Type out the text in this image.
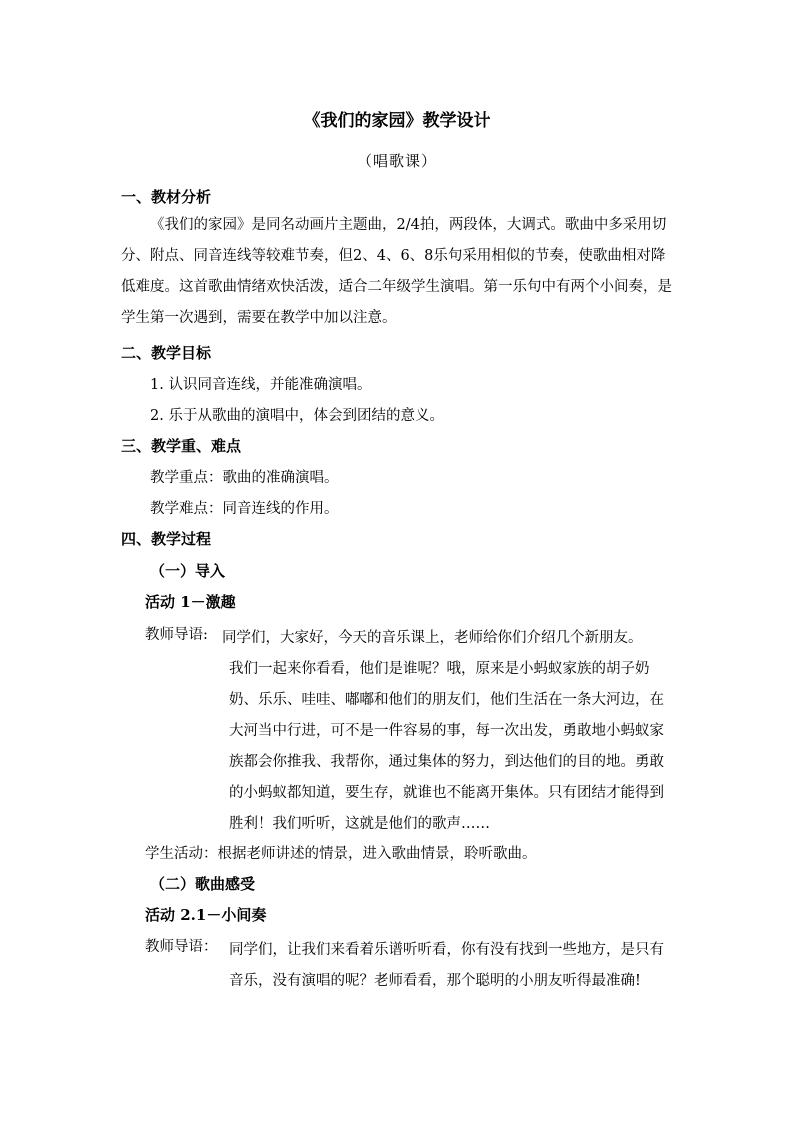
《我们的家园》教学设计
（唱歌课）
一、教材分析
《我们的家园》是同名动画片主题曲，2/4拍，两段体，大调式。歌曲中多采用切分、附点、同音连线等较难节奏，但2、4、6、8乐句采用相似的节奏，使歌曲相对降低难度。这首歌曲情绪欢快活泼，适合二年级学生演唱。第一乐句中有两个小间奏，是学生第一次遇到，需要在教学中加以注意。
二、教学目标
1. 认识同音连线，并能准确演唱。
2. 乐于从歌曲的演唱中，体会到团结的意义。
三、教学重、难点
教学重点：歌曲的准确演唱。
教学难点：同音连线的作用。
四、教学过程
（一）导入
活动 1－激趣
教师导语: 同学们，大家好，今天的音乐课上，老师给你们介绍几个新朋友。
我们一起来你看看，他们是谁呢？哦，原来是小蚂蚁家族的胡子奶奶、乐乐、哇哇、嘟嘟和他们的朋友们，他们生活在一条大河边，在大河当中行进，可不是一件容易的事，每一次出发，勇敢地小蚂蚁家族都会你推我、我帮你，通过集体的努力，到达他们的目的地。勇敢的小蚂蚁都知道，要生存，就谁也不能离开集体。只有团结才能得到胜利！我们听听，这就是他们的歌声……
学生活动：根据老师讲述的情景，进入歌曲情景，聆听歌曲。
（二）歌曲感受
活动 2.1－小间奏
教师导语： 同学们，让我们来看着乐谱听听看，你有没有找到一些地方，是只有音乐，没有演唱的呢？老师看看，那个聪明的小朋友听得最准确!
